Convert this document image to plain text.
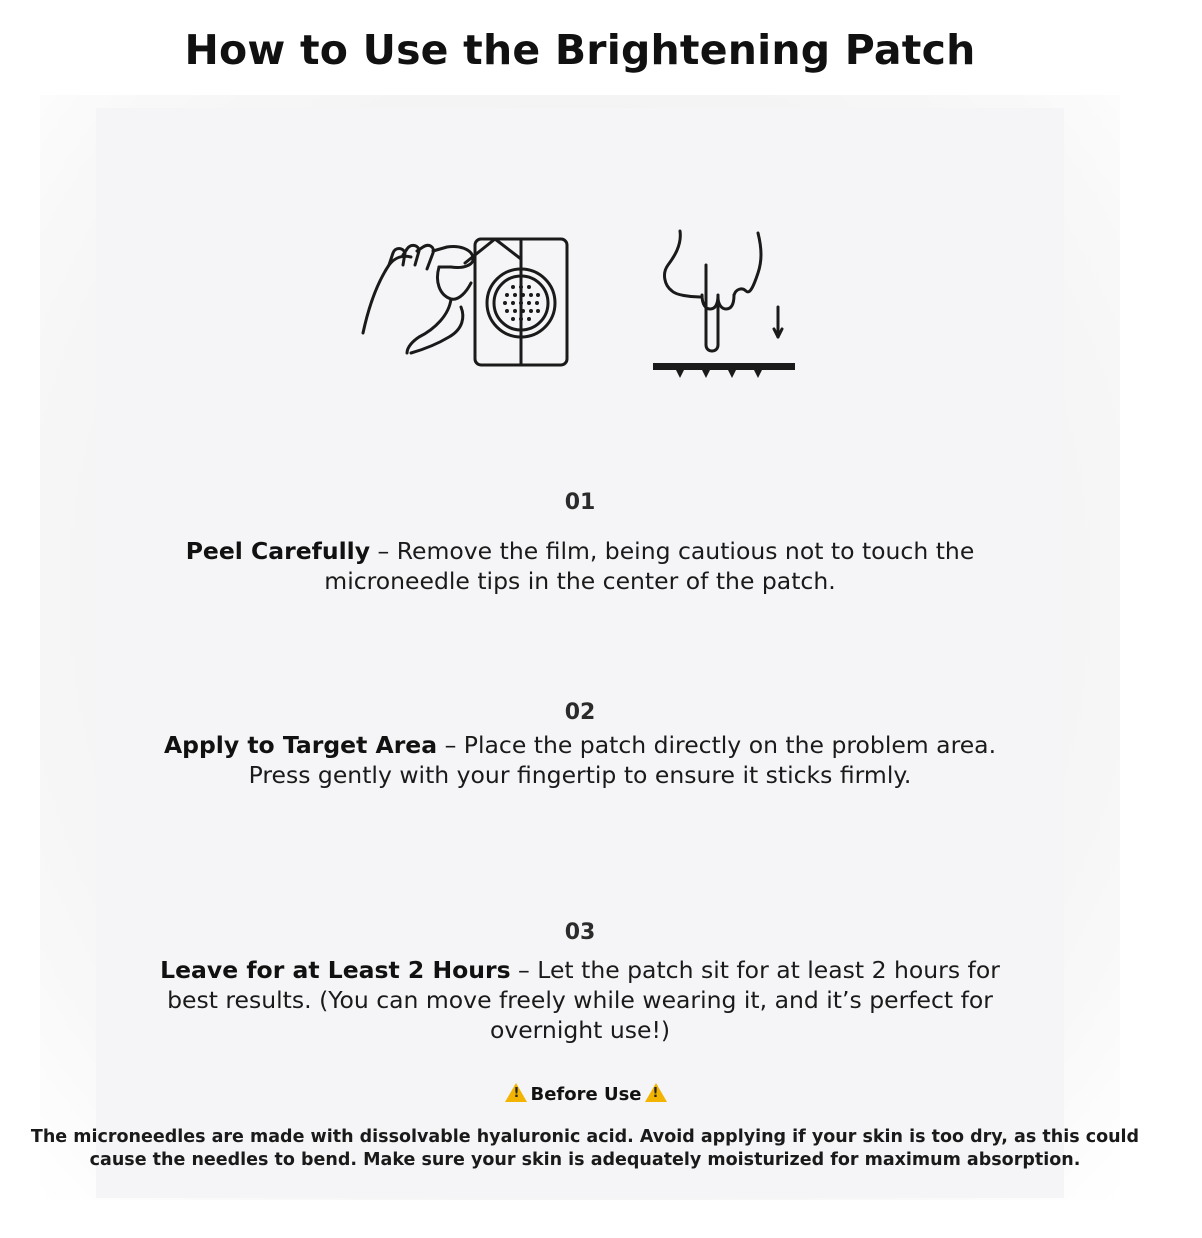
How to Use the Brightening Patch
01

Peel Carefully – Remove the film, being cautious not to touch the microneedle tips in the center of the patch.

02

Apply to Target Area – Place the patch directly on the problem area. Press gently with your fingertip to ensure it sticks firmly.

03

Leave for at Least 2 Hours – Let the patch sit for at least 2 hours for best results. (You can move freely while wearing it, and it’s perfect for overnight use!)

!Before Use!

The microneedles are made with dissolvable hyaluronic acid. Avoid applying if your skin is too dry, as this could cause the needles to bend. Make sure your skin is adequately moisturized for maximum absorption.
